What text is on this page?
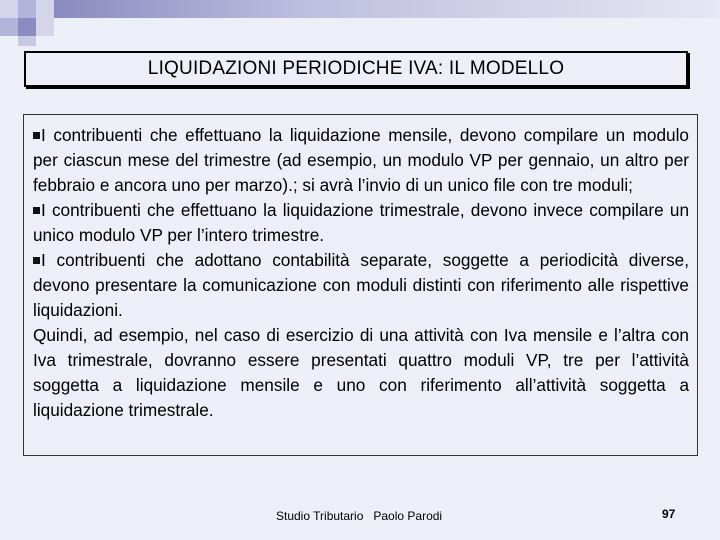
LIQUIDAZIONI PERIODICHE IVA: IL MODELLO

I contribuenti che effettuano la liquidazione mensile, devono compilare un modulo per ciascun mese del trimestre (ad esempio, un modulo VP per gennaio, un altro per febbraio e ancora uno per marzo).; si avrà l’invio di un unico file con tre moduli;

I contribuenti che effettuano la liquidazione trimestrale, devono invece compilare un unico modulo VP per l’intero trimestre.

I contribuenti che adottano contabilità separate, soggette a periodicità diverse, devono presentare la comunicazione con moduli distinti con riferimento alle rispettive liquidazioni.

Quindi, ad esempio, nel caso di esercizio di una attività con Iva mensile e l’altra con Iva trimestrale, dovranno essere presentati quattro moduli VP, tre per l’attività soggetta a liquidazione mensile e uno con riferimento all’attività soggetta a liquidazione trimestrale.

Studio Tributario   Paolo Parodi	97
